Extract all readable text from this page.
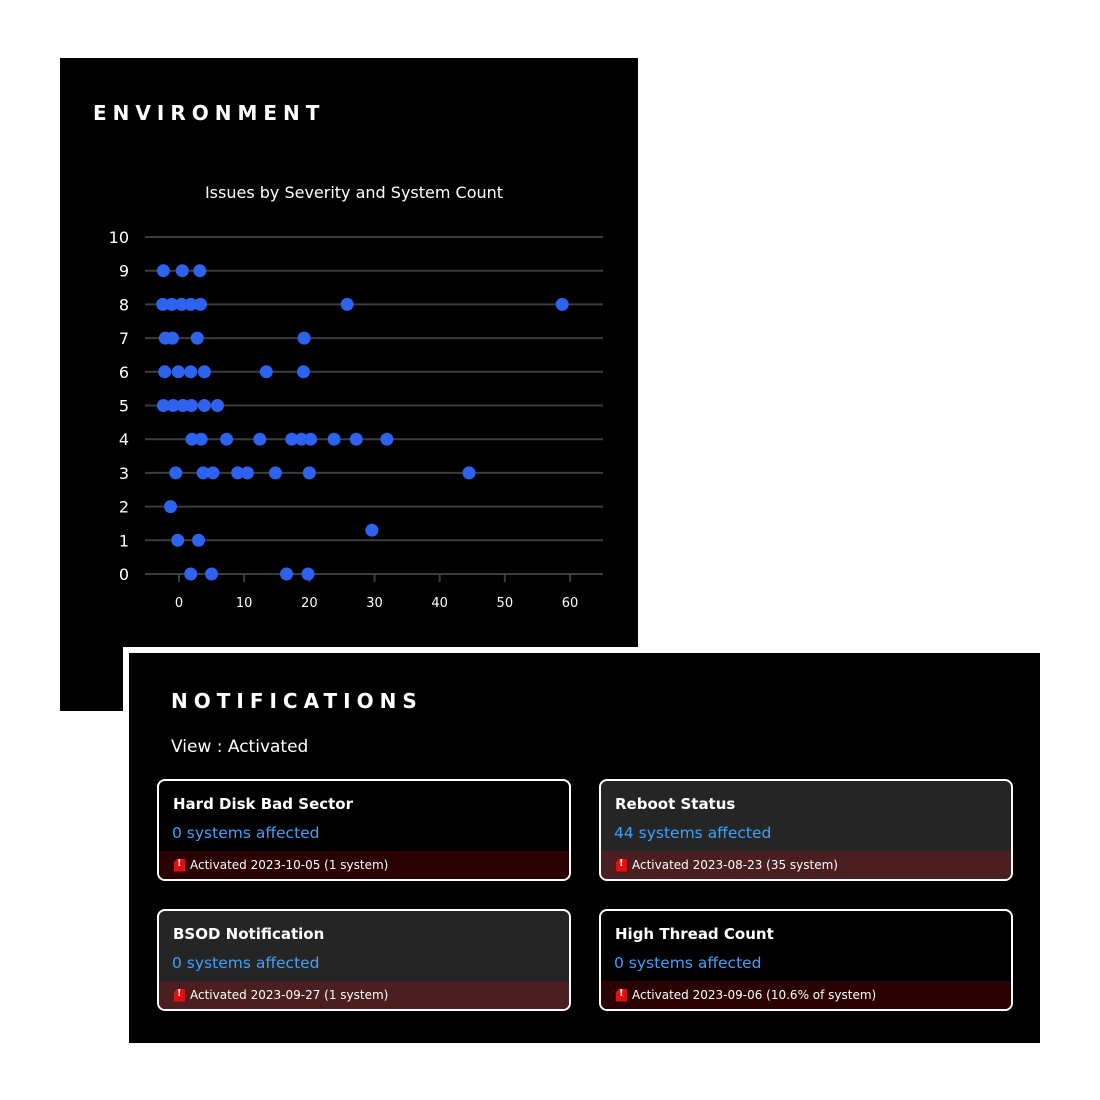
ENVIRONMENT
Issues by Severity and System Count
0
1
2
3
4
5
6
7
8
9
10
0	10	20	30	40	50	60
NOTIFICATIONS
View : Activated
Hard Disk Bad Sector
0 systems affected
!
Activated 2023-10-05 (1 system)
Reboot Status
44 systems affected
!
Activated 2023-08-23 (35 system)
BSOD Notification
0 systems affected
!
Activated 2023-09-27 (1 system)
High Thread Count
0 systems affected
!
Activated 2023-09-06 (10.6% of system)
